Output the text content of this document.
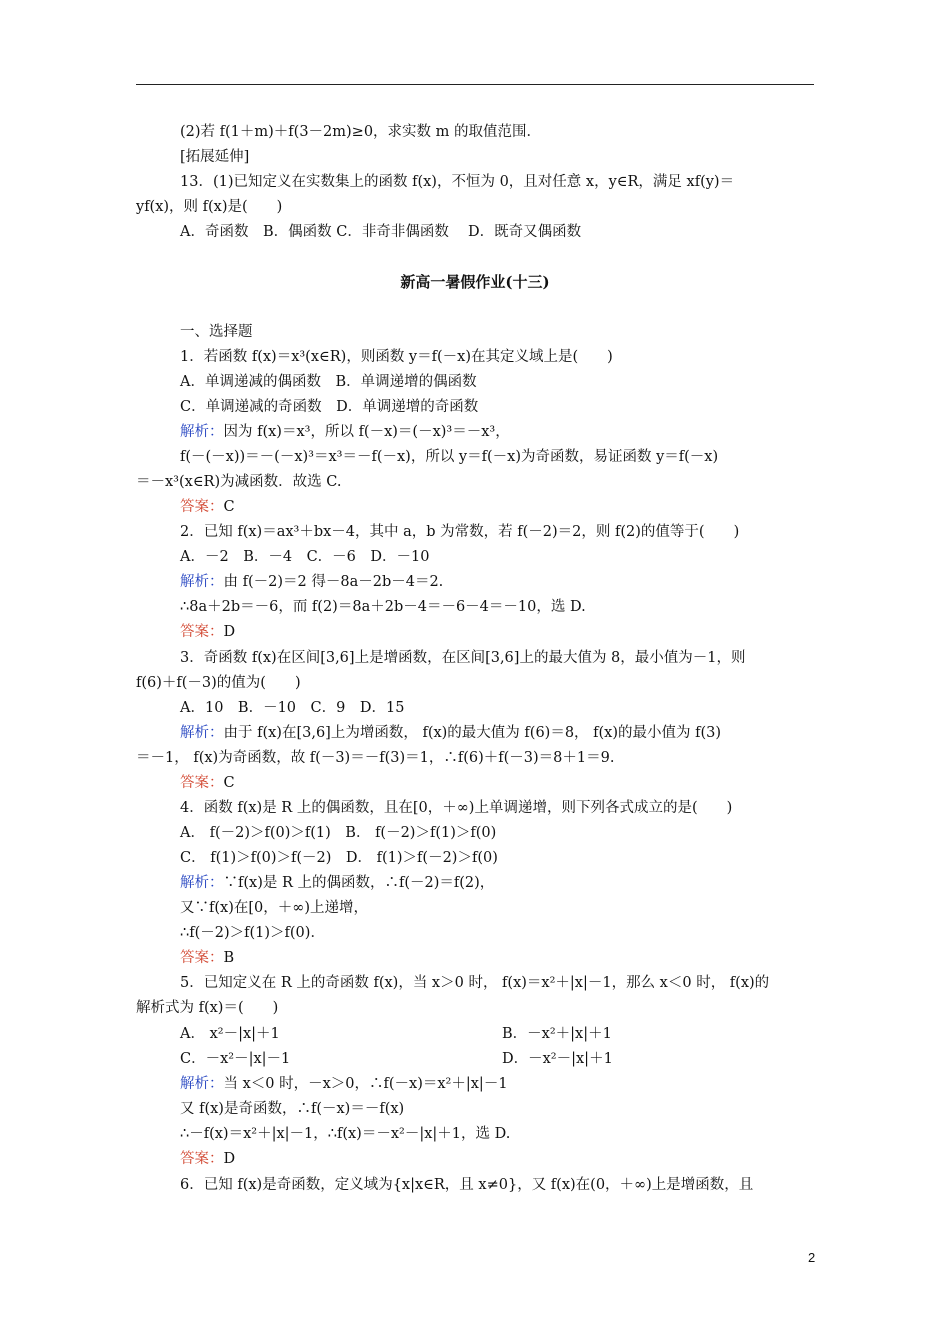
(2)若 f(1＋m)＋f(3－2m)≥0，求实数 m 的取值范围．
[拓展延伸]
13．(1)已知定义在实数集上的函数 f(x)，不恒为 0，且对任意 x，y∈R，满足 xf(y)＝
yf(x)，则 f(x)是(　　)
A．奇函数　B．偶函数 C．非奇非偶函数　 D．既奇又偶函数
新高一暑假作业(十三)
一、选择题
1．若函数 f(x)＝x³(x∈R)，则函数 y＝f(－x)在其定义域上是(　　)
A．单调递减的偶函数　B．单调递增的偶函数
C．单调递减的奇函数　D．单调递增的奇函数
解析：因为 f(x)＝x³，所以 f(－x)＝(－x)³＝－x³，
f(－(－x))＝－(－x)³＝x³＝－f(－x)，所以 y＝f(－x)为奇函数，易证函数 y＝f(－x)
＝－x³(x∈R)为减函数．故选 C.
答案：C
2．已知 f(x)＝ax³＋bx－4，其中 a，b 为常数，若 f(－2)＝2，则 f(2)的值等于(　　)
A．－2　B．－4　C．－6　D．－10
解析：由 f(－2)＝2 得－8a－2b－4＝2.
∴8a＋2b＝－6，而 f(2)＝8a＋2b－4＝－6－4＝－10，选 D.
答案：D
3．奇函数 f(x)在区间[3,6]上是增函数，在区间[3,6]上的最大值为 8，最小值为－1，则
f(6)＋f(－3)的值为(　　)
A．10　B．－10　C．9　D．15
解析：由于 f(x)在[3,6]上为增函数， f(x)的最大值为 f(6)＝8， f(x)的最小值为 f(3)
＝－1， f(x)为奇函数，故 f(－3)＝－f(3)＝1，∴f(6)＋f(－3)＝8＋1＝9.
答案：C
4．函数 f(x)是 R 上的偶函数，且在[0，＋∞)上单调递增，则下列各式成立的是(　　)
A． f(－2)＞f(0)＞f(1)　B． f(－2)＞f(1)＞f(0)
C． f(1)＞f(0)＞f(－2)　D． f(1)＞f(－2)＞f(0)
解析：∵f(x)是 R 上的偶函数，∴f(－2)＝f(2)，
又∵f(x)在[0，＋∞)上递增，
∴f(－2)＞f(1)＞f(0)．
答案：B
5．已知定义在 R 上的奇函数 f(x)，当 x＞0 时， f(x)＝x²＋|x|－1，那么 x＜0 时， f(x)的
解析式为 f(x)＝(　　)
A． x²－|x|＋1	B．－x²＋|x|＋1
C．－x²－|x|－1	D．－x²－|x|＋1
解析：当 x＜0 时，－x＞0，∴f(－x)＝x²＋|x|－1
又 f(x)是奇函数，∴f(－x)＝－f(x)
∴－f(x)＝x²＋|x|－1，∴f(x)＝－x²－|x|＋1，选 D.
答案：D
6．已知 f(x)是奇函数，定义域为{x|x∈R，且 x≠0}，又 f(x)在(0，＋∞)上是增函数，且
2
